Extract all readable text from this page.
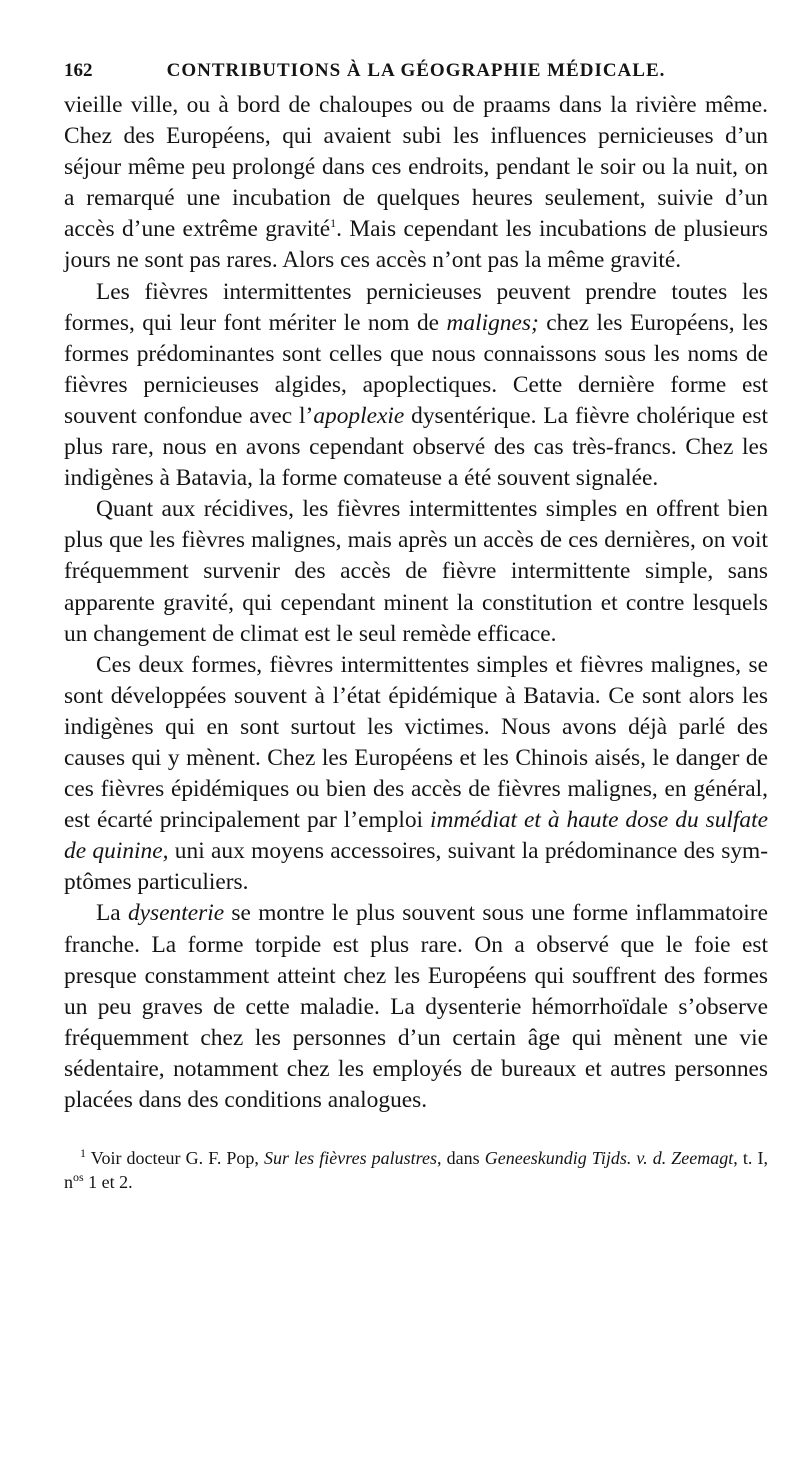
162	CONTRIBUTIONS À LA GÉOGRAPHIE MÉDICALE.

vieille ville, ou à bord de chaloupes ou de praams dans la rivière même. Chez des Européens, qui avaient subi les influences pernicieuses d’un séjour même peu prolongé dans ces endroits, pendant le soir ou la nuit, on a remarqué une incubation de quelques heures seulement, suivie d’un accès d’une extrême gravité$^1$. Mais cependant les incubations de plusieurs jours ne sont pas rares. Alors ces accès n’ont pas la même gravité.

Les fièvres intermittentes pernicieuses peuvent prendre toutes les formes, qui leur font mériter le nom de malignes; chez les Européens, les formes prédominantes sont celles que nous connaissons sous les noms de fièvres pernicieuses algides, apoplectiques. Cette dernière forme est souvent confondue avec l’apoplexie dysentérique. La fièvre cholérique est plus rare, nous en avons cependant observé des cas très-francs. Chez les indigènes à Batavia, la forme comateuse a été souvent signalée.

Quant aux récidives, les fièvres intermittentes simples en offrent bien plus que les fièvres malignes, mais après un accès de ces dernières, on voit fréquemment survenir des accès de fièvre intermittente simple, sans apparente gravité, qui cependant minent la constitution et contre lesquels un changement de climat est le seul remède efficace.

Ces deux formes, fièvres intermittentes simples et fièvres malignes, se sont développées souvent à l’état épidémique à Batavia. Ce sont alors les indigènes qui en sont surtout les victimes. Nous avons déjà parlé des causes qui y mènent. Chez les Européens et les Chinois aisés, le danger de ces fièvres épidémiques ou bien des accès de fièvres malignes, en général, est écarté principalement par l’emploi immédiat et à haute dose du sulfate de quinine, uni aux moyens accessoires, suivant la prédominance des symptômes particuliers.

La dysenterie se montre le plus souvent sous une forme inflammatoire franche. La forme torpide est plus rare. On a observé que le foie est presque constamment atteint chez les Européens qui souffrent des formes un peu graves de cette maladie. La dysenterie hémorrhoïdale s’observe fréquemment chez les personnes d’un certain âge qui mènent une vie sédentaire, notamment chez les employés de bureaux et autres personnes placées dans des conditions analogues.

$^1$ Voir docteur G. F. Pop, Sur les fièvres palustres, dans Geneeskundig Tijds. v. d. Zeemagt, t. I, n$^{os}$ 1 et 2.
